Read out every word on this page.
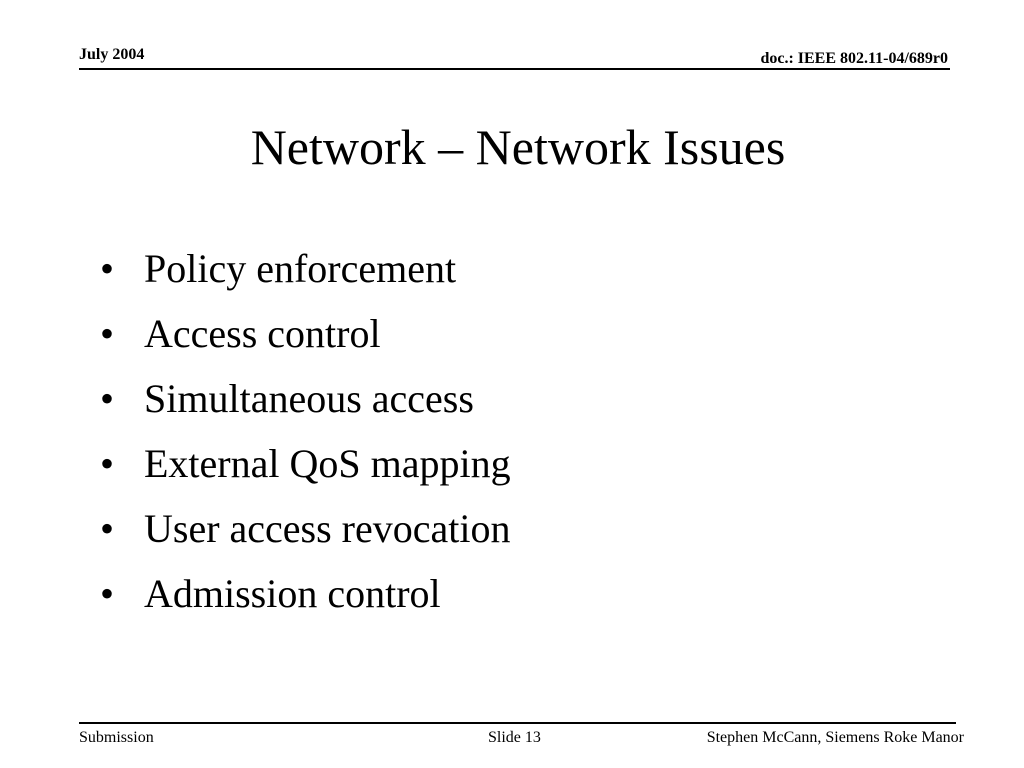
July 2004	doc.: IEEE 802.11-04/689r0
Network – Network Issues
• Policy enforcement
• Access control
• Simultaneous access
• External QoS mapping
• User access revocation
• Admission control
Submission	Slide 13	Stephen McCann, Siemens Roke Manor
